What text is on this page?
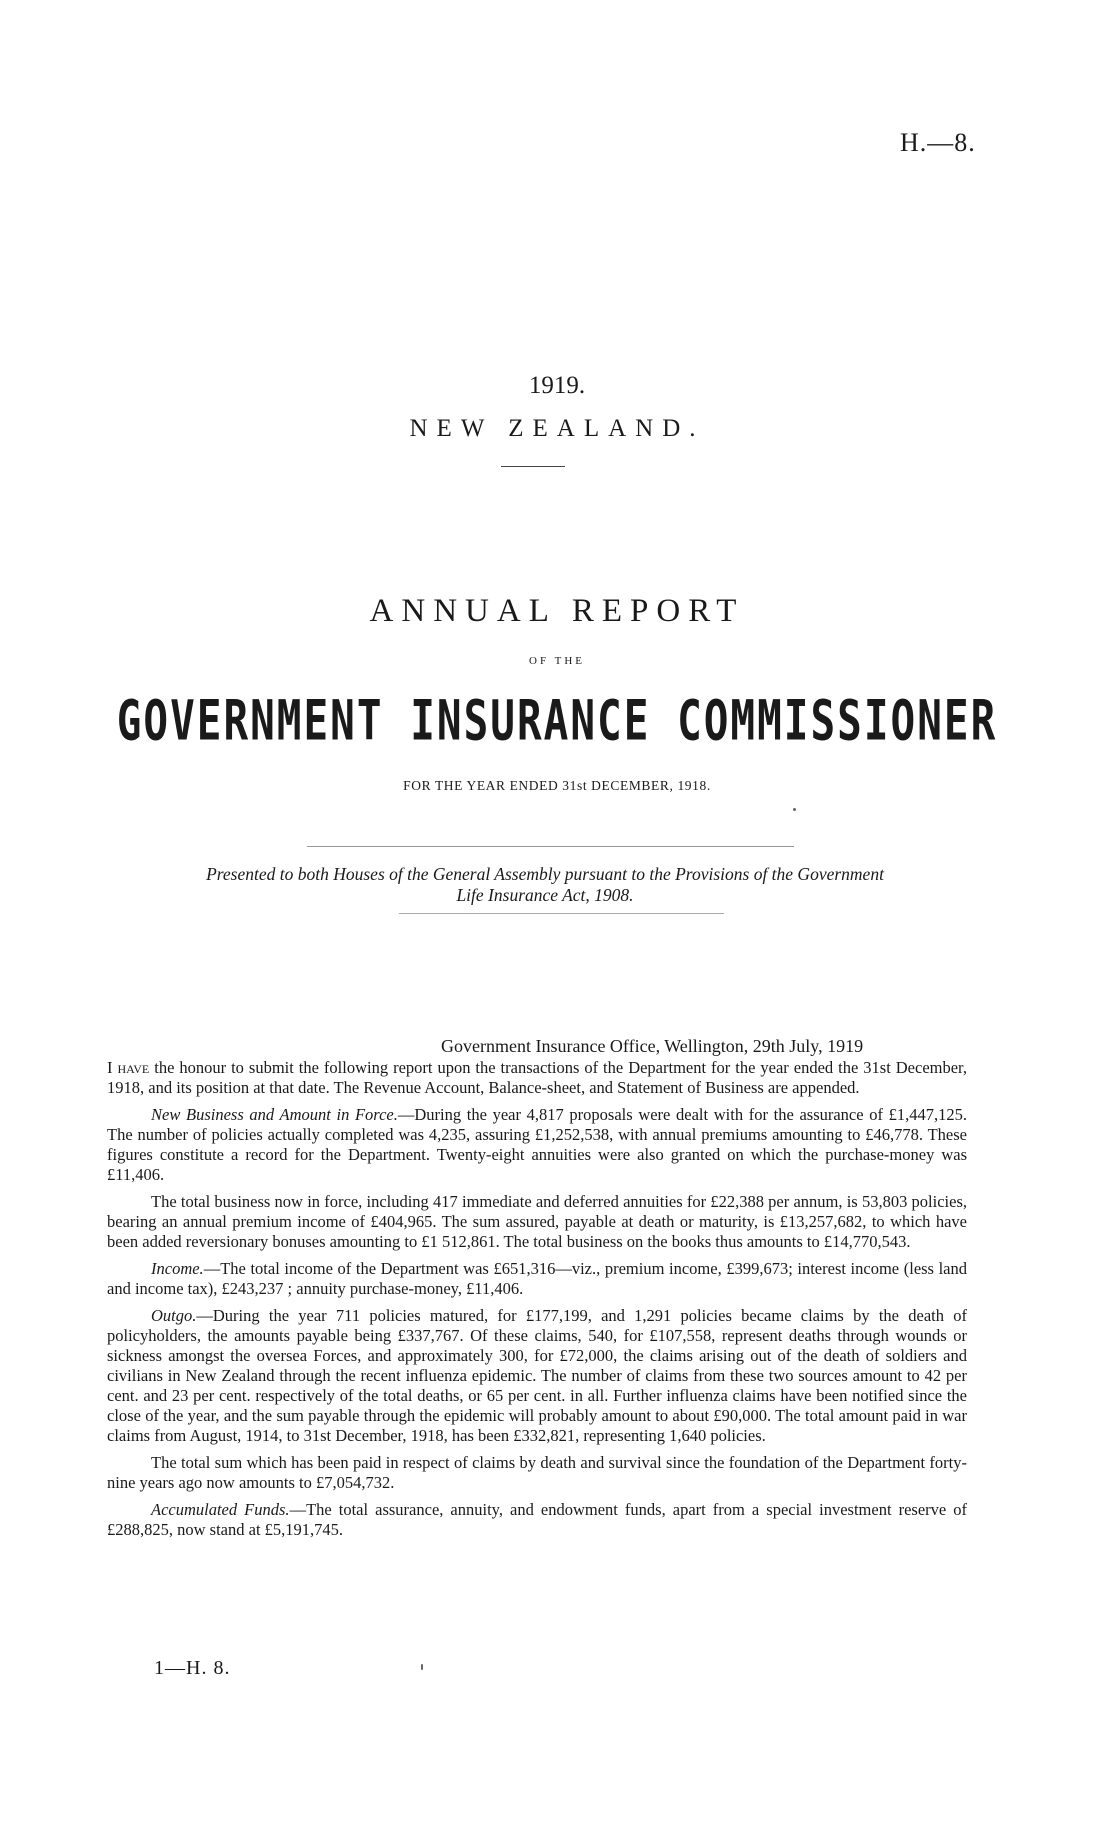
H.—8.
1919.
NEW ZEALAND.
ANNUAL REPORT
OF THE
GOVERNMENT INSURANCE COMMISSIONER
FOR THE YEAR ENDED 31st DECEMBER, 1918.
Presented to both Houses of the General Assembly pursuant to the Provisions of the Government
Life Insurance Act, 1908.
Government Insurance Office, Wellington, 29th July, 1919

I have the honour to submit the following report upon the transactions of the Department for the year ended the 31st December, 1918, and its position at that date. The Revenue Account, Balance-sheet, and Statement of Business are appended.

New Business and Amount in Force.—During the year 4,817 proposals were dealt with for the assurance of £1,447,125. The number of policies actually completed was 4,235, assuring £1,252,538, with annual premiums amounting to £46,778. These figures constitute a record for the Department. Twenty-eight annuities were also granted on which the purchase-money was £11,406.

The total business now in force, including 417 immediate and deferred annuities for £22,388 per annum, is 53,803 policies, bearing an annual premium income of £404,965. The sum assured, payable at death or maturity, is £13,257,682, to which have been added reversionary bonuses amounting to £1 512,861. The total business on the books thus amounts to £14,770,543.

Income.—The total income of the Department was £651,316—viz., premium income, £399,673; interest income (less land and income tax), £243,237 ; annuity purchase-money, £11,406.

Outgo.—During the year 711 policies matured, for £177,199, and 1,291 policies became claims by the death of policyholders, the amounts payable being £337,767. Of these claims, 540, for £107,558, represent deaths through wounds or sickness amongst the oversea Forces, and approximately 300, for £72,000, the claims arising out of the death of soldiers and civilians in New Zealand through the recent influenza epidemic. The number of claims from these two sources amount to 42 per cent. and 23 per cent. respectively of the total deaths, or 65 per cent. in all. Further influenza claims have been notified since the close of the year, and the sum payable through the epidemic will probably amount to about £90,000. The total amount paid in war claims from August, 1914, to 31st December, 1918, has been £332,821, representing 1,640 policies.

The total sum which has been paid in respect of claims by death and survival since the foundation of the Department forty-nine years ago now amounts to £7,054,732.

Accumulated Funds.—The total assurance, annuity, and endowment funds, apart from a special investment reserve of £288,825, now stand at £5,191,745.

1—H. 8.
